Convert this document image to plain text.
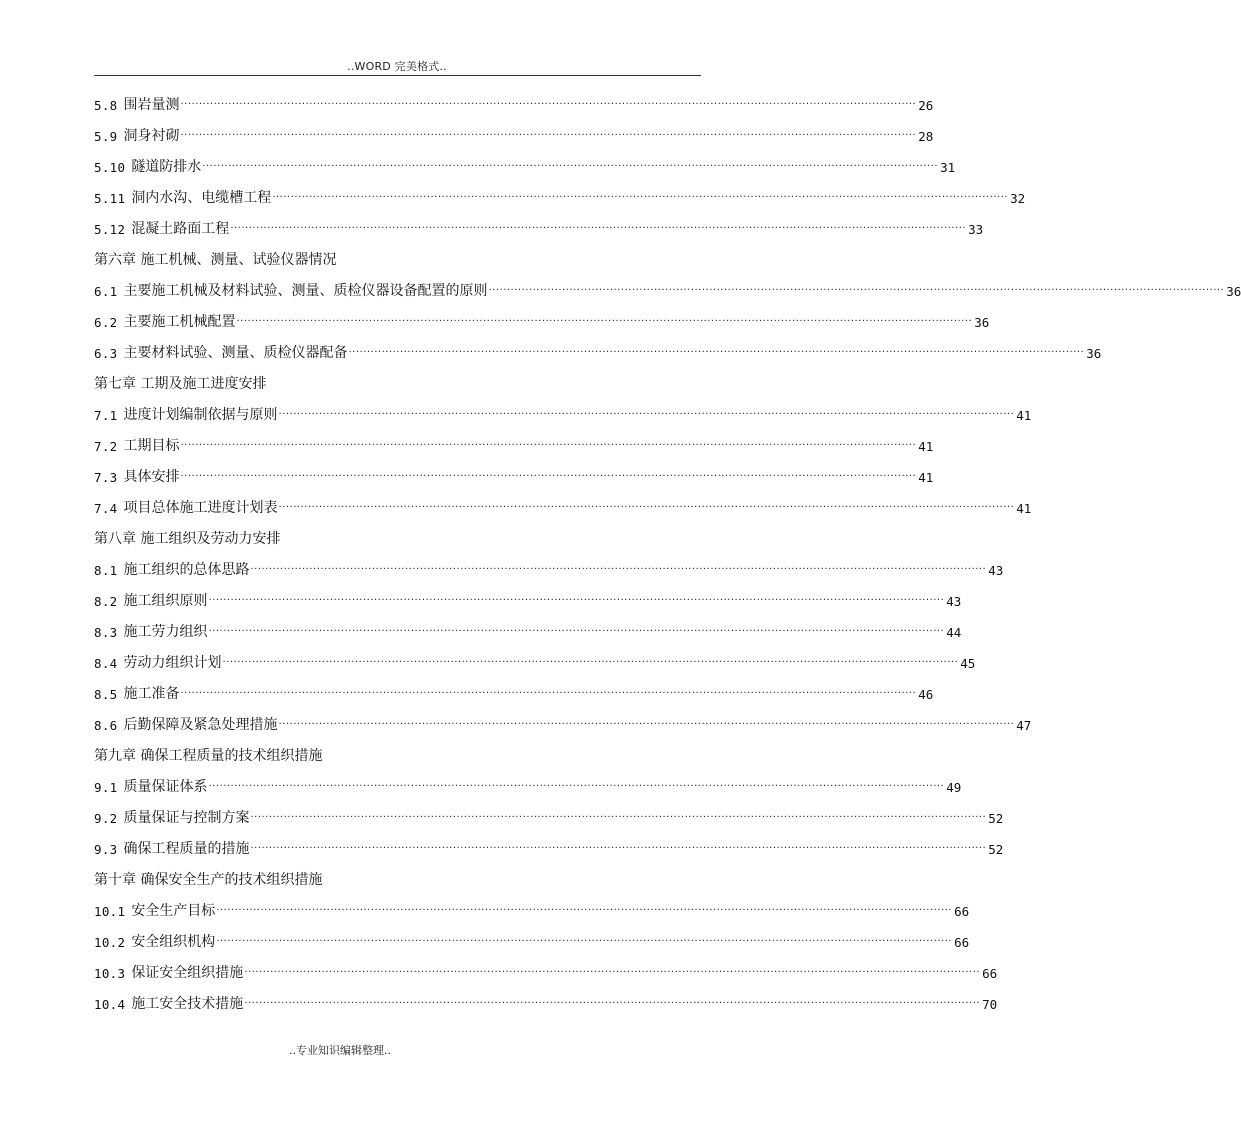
..WORD 完美格式..
5.8 围岩量测 ········································································································································································································ 26
5.9 洞身衬砌 ········································································································································································································ 28
5.10 隧道防排水 ········································································································································································································ 31
5.11 洞内水沟、电缆槽工程 ········································································································································································································ 32
5.12 混凝土路面工程 ········································································································································································································ 33
第六章 施工机械、测量、试验仪器情况
6.1 主要施工机械及材料试验、测量、质检仪器设备配置的原则 ········································································································································································································ 36
6.2 主要施工机械配置 ········································································································································································································ 36
6.3 主要材料试验、测量、质检仪器配备 ········································································································································································································ 36
第七章 工期及施工进度安排
7.1 进度计划编制依据与原则 ········································································································································································································ 41
7.2 工期目标 ········································································································································································································ 41
7.3 具体安排 ········································································································································································································ 41
7.4 项目总体施工进度计划表 ········································································································································································································ 41
第八章 施工组织及劳动力安排
8.1 施工组织的总体思路 ········································································································································································································ 43
8.2 施工组织原则 ········································································································································································································ 43
8.3 施工劳力组织 ········································································································································································································ 44
8.4 劳动力组织计划 ········································································································································································································ 45
8.5 施工准备 ········································································································································································································ 46
8.6 后勤保障及紧急处理措施 ········································································································································································································ 47
第九章 确保工程质量的技术组织措施
9.1 质量保证体系 ········································································································································································································ 49
9.2 质量保证与控制方案 ········································································································································································································ 52
9.3 确保工程质量的措施 ········································································································································································································ 52
第十章 确保安全生产的技术组织措施
10.1 安全生产目标 ········································································································································································································ 66
10.2 安全组织机构 ········································································································································································································ 66
10.3 保证安全组织措施 ········································································································································································································ 66
10.4 施工安全技术措施 ········································································································································································································ 70
..专业知识编辑整理..
